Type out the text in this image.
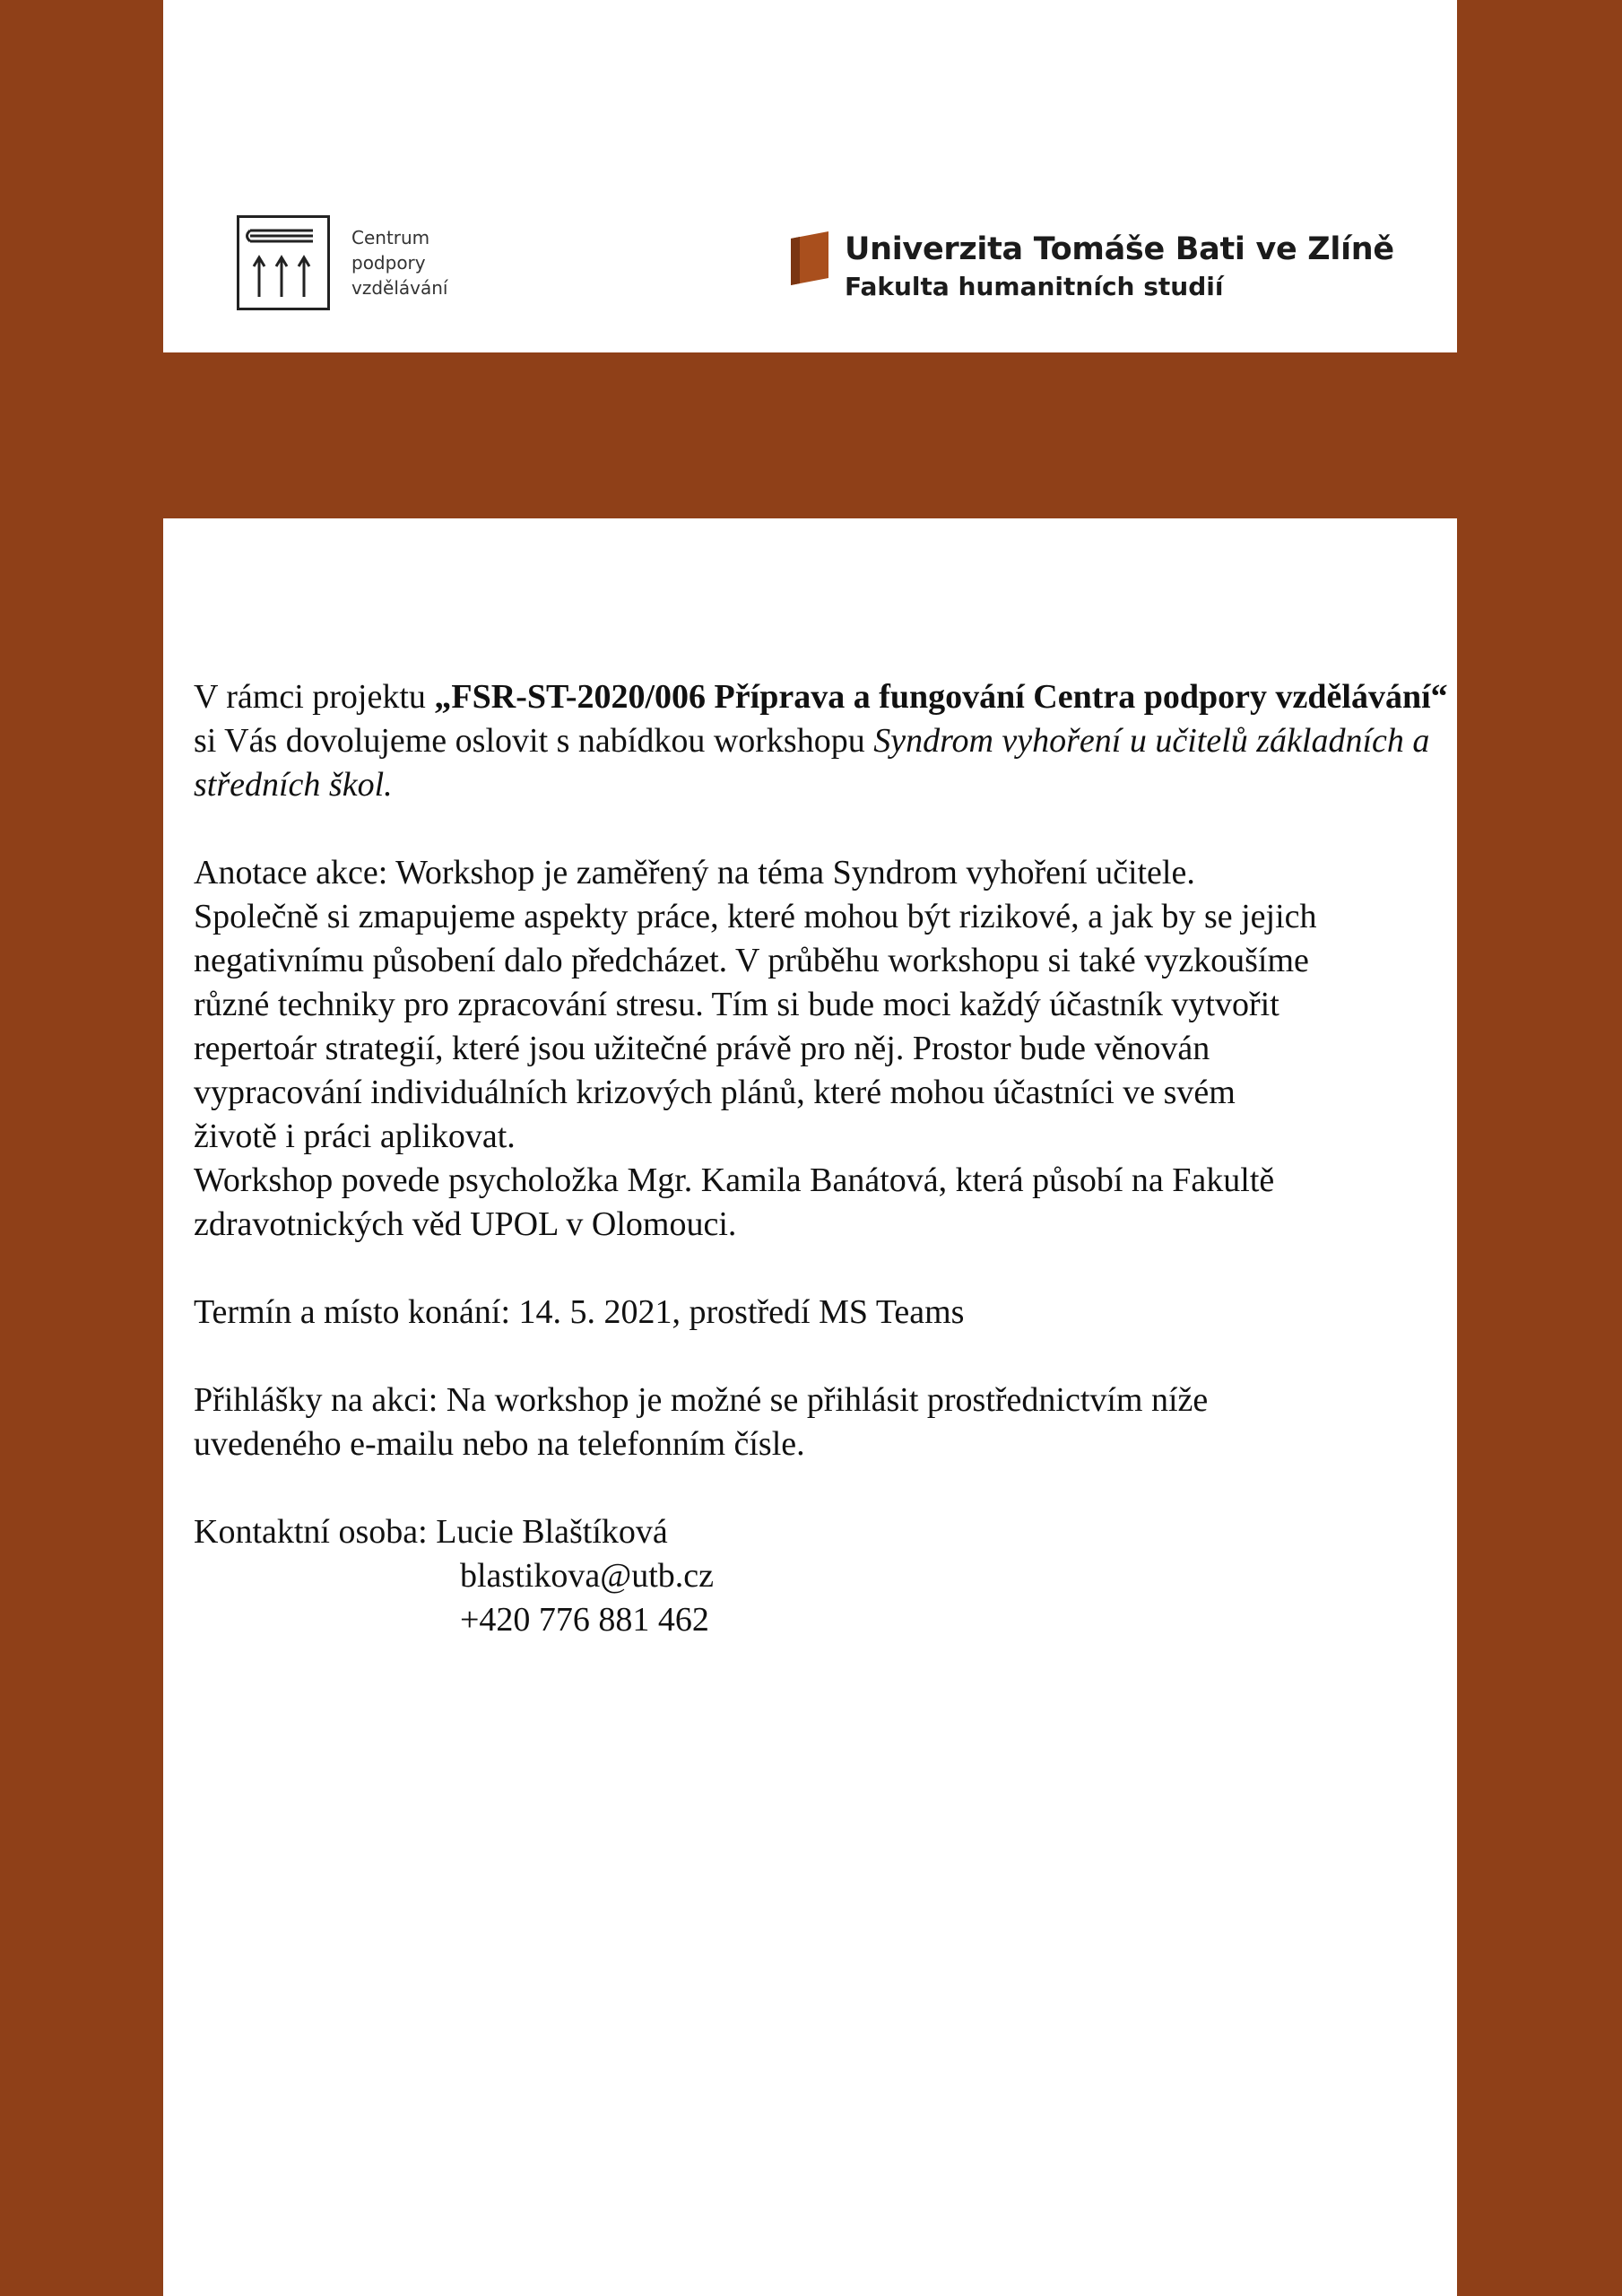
Centrum
podpory
vzdělávání
Univerzita Tomáše Bati ve Zlíně
Fakulta humanitních studií

V rámci projektu „FSR-ST-2020/006 Příprava a fungování Centra podpory vzdělávání“ si Vás dovolujeme oslovit s nabídkou workshopu Syndrom vyhoření u učitelů základních a středních škol.

Anotace akce: Workshop je zaměřený na téma Syndrom vyhoření učitele.
Společně si zmapujeme aspekty práce, které mohou být rizikové, a jak by se jejich
negativnímu působení dalo předcházet. V průběhu workshopu si také vyzkoušíme
různé techniky pro zpracování stresu. Tím si bude moci každý účastník vytvořit
repertoár strategií, které jsou užitečné právě pro něj. Prostor bude věnován
vypracování individuálních krizových plánů, které mohou účastníci ve svém
životě i práci aplikovat.
Workshop povede psycholožka Mgr. Kamila Banátová, která působí na Fakultě
zdravotnických věd UPOL v Olomouci.

Termín a místo konání: 14. 5. 2021, prostředí MS Teams

Přihlášky na akci: Na workshop je možné se přihlásit prostřednictvím níže
uvedeného e-mailu nebo na telefonním čísle.

Kontaktní osoba: Lucie Blaštíková
blastikova@utb.cz
+420 776 881 462
